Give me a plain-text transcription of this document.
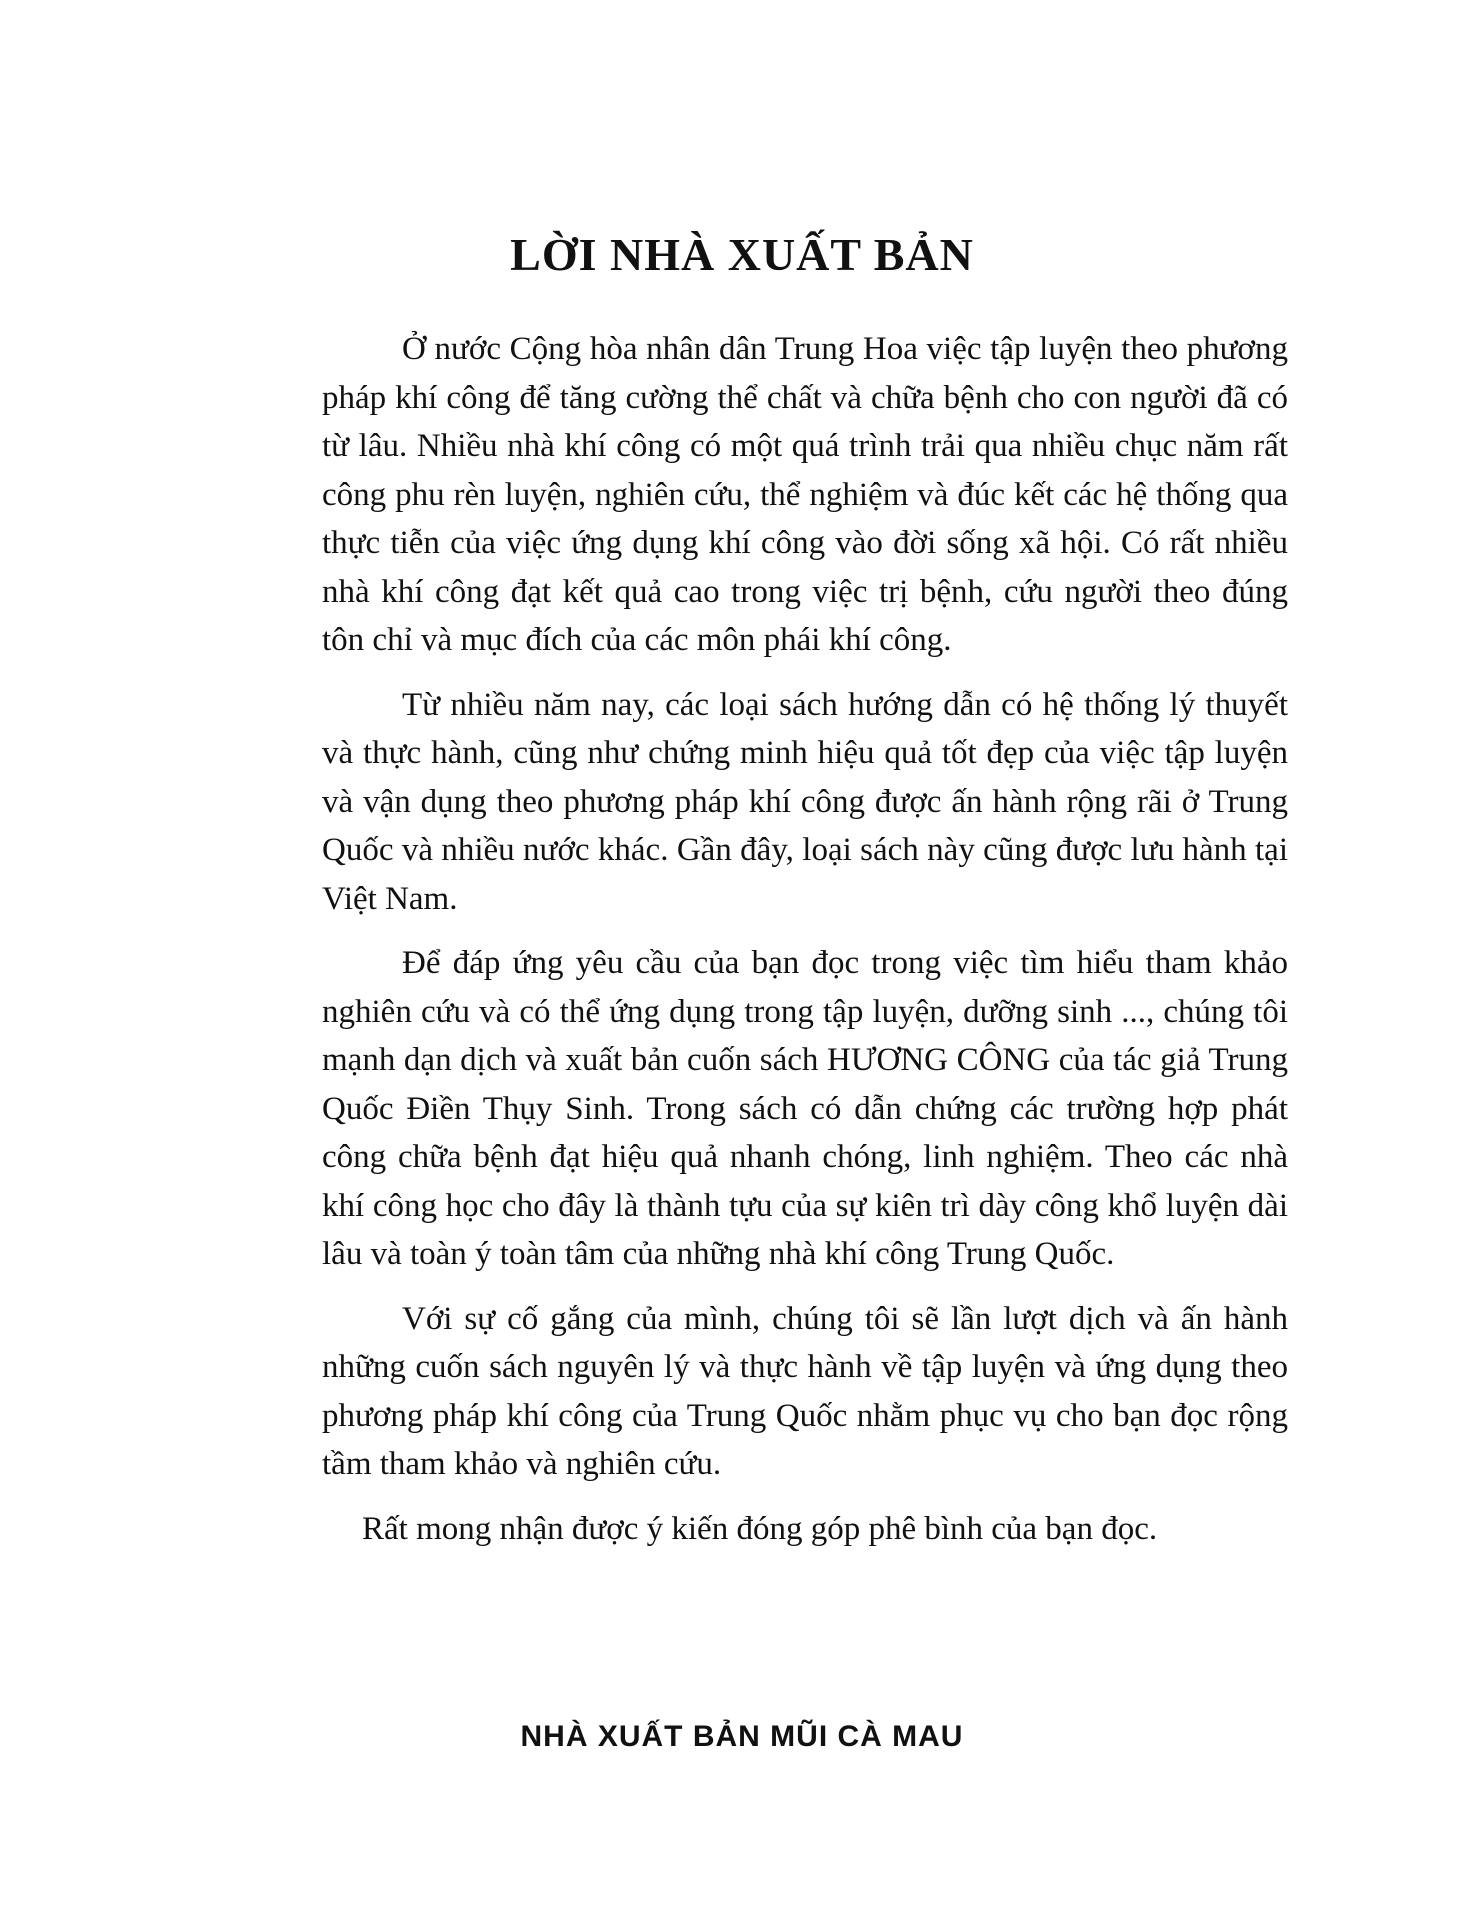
LỜI NHÀ XUẤT BẢN

Ở nước Cộng hòa nhân dân Trung Hoa việc tập luyện theo phương pháp khí công để tăng cường thể chất và chữa bệnh cho con người đã có từ lâu. Nhiều nhà khí công có một quá trình trải qua nhiều chục năm rất công phu rèn luyện, nghiên cứu, thể nghiệm và đúc kết các hệ thống qua thực tiễn của việc ứng dụng khí công vào đời sống xã hội. Có rất nhiều nhà khí công đạt kết quả cao trong việc trị bệnh, cứu người theo đúng tôn chỉ và mục đích của các môn phái khí công.

Từ nhiều năm nay, các loại sách hướng dẫn có hệ thống lý thuyết và thực hành, cũng như chứng minh hiệu quả tốt đẹp của việc tập luyện và vận dụng theo phương pháp khí công được ấn hành rộng rãi ở Trung Quốc và nhiều nước khác. Gần đây, loại sách này cũng được lưu hành tại Việt Nam.

Để đáp ứng yêu cầu của bạn đọc trong việc tìm hiểu tham khảo nghiên cứu và có thể ứng dụng trong tập luyện, dưỡng sinh ..., chúng tôi mạnh dạn dịch và xuất bản cuốn sách HƯƠNG CÔNG của tác giả Trung Quốc Điền Thụy Sinh. Trong sách có dẫn chứng các trường hợp phát công chữa bệnh đạt hiệu quả nhanh chóng, linh nghiệm. Theo các nhà khí công học cho đây là thành tựu của sự kiên trì dày công khổ luyện dài lâu và toàn ý toàn tâm của những nhà khí công Trung Quốc.

Với sự cố gắng của mình, chúng tôi sẽ lần lượt dịch và ấn hành những cuốn sách nguyên lý và thực hành về tập luyện và ứng dụng theo phương pháp khí công của Trung Quốc nhằm phục vụ cho bạn đọc rộng tầm tham khảo và nghiên cứu.

Rất mong nhận được ý kiến đóng góp phê bình của bạn đọc.

NHÀ XUẤT BẢN MŨI CÀ MAU
